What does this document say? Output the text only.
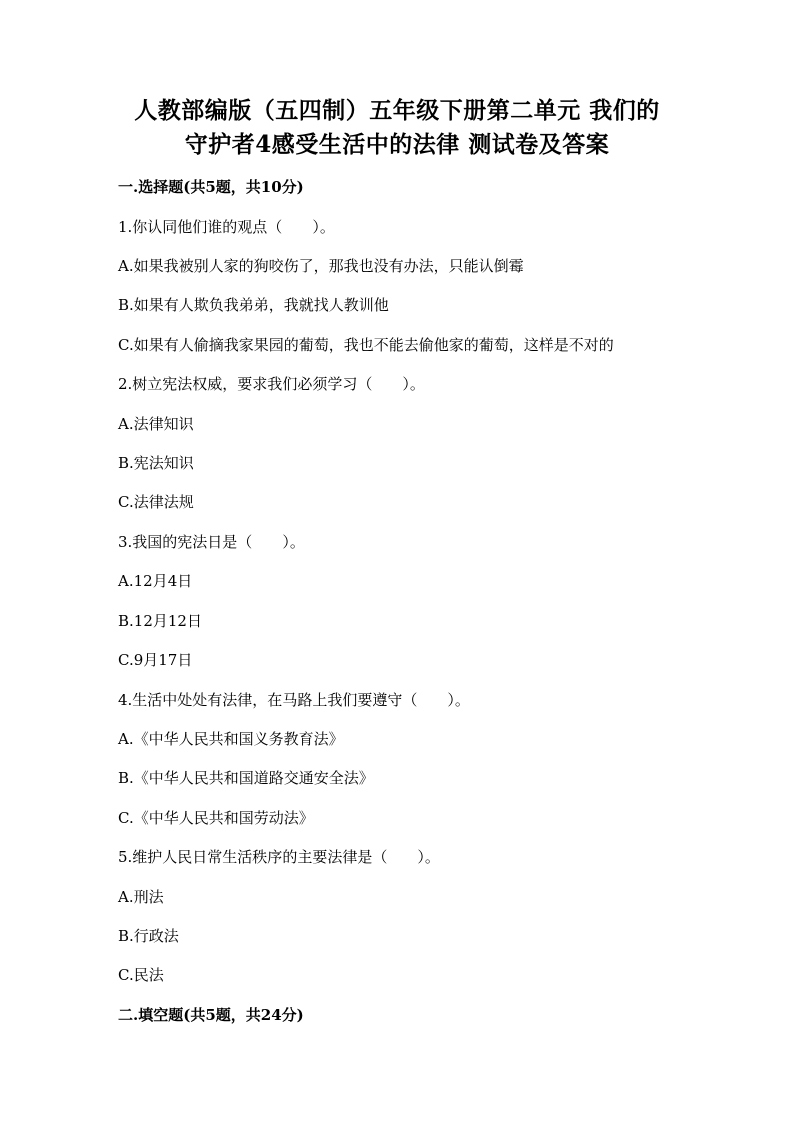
人教部编版（五四制）五年级下册第二单元 我们的
守护者4感受生活中的法律 测试卷及答案
一.选择题(共5题，共10分)
1.你认同他们谁的观点（　　）。
A.如果我被别人家的狗咬伤了，那我也没有办法，只能认倒霉
B.如果有人欺负我弟弟，我就找人教训他
C.如果有人偷摘我家果园的葡萄，我也不能去偷他家的葡萄，这样是不对的
2.树立宪法权威，要求我们必须学习（　　）。
A.法律知识
B.宪法知识
C.法律法规
3.我国的宪法日是（　　）。
A.12月4日
B.12月12日
C.9月17日
4.生活中处处有法律，在马路上我们要遵守（　　）。
A.《中华人民共和国义务教育法》
B.《中华人民共和国道路交通安全法》
C.《中华人民共和国劳动法》
5.维护人民日常生活秩序的主要法律是（　　）。
A.刑法
B.行政法
C.民法
二.填空题(共5题，共24分)
